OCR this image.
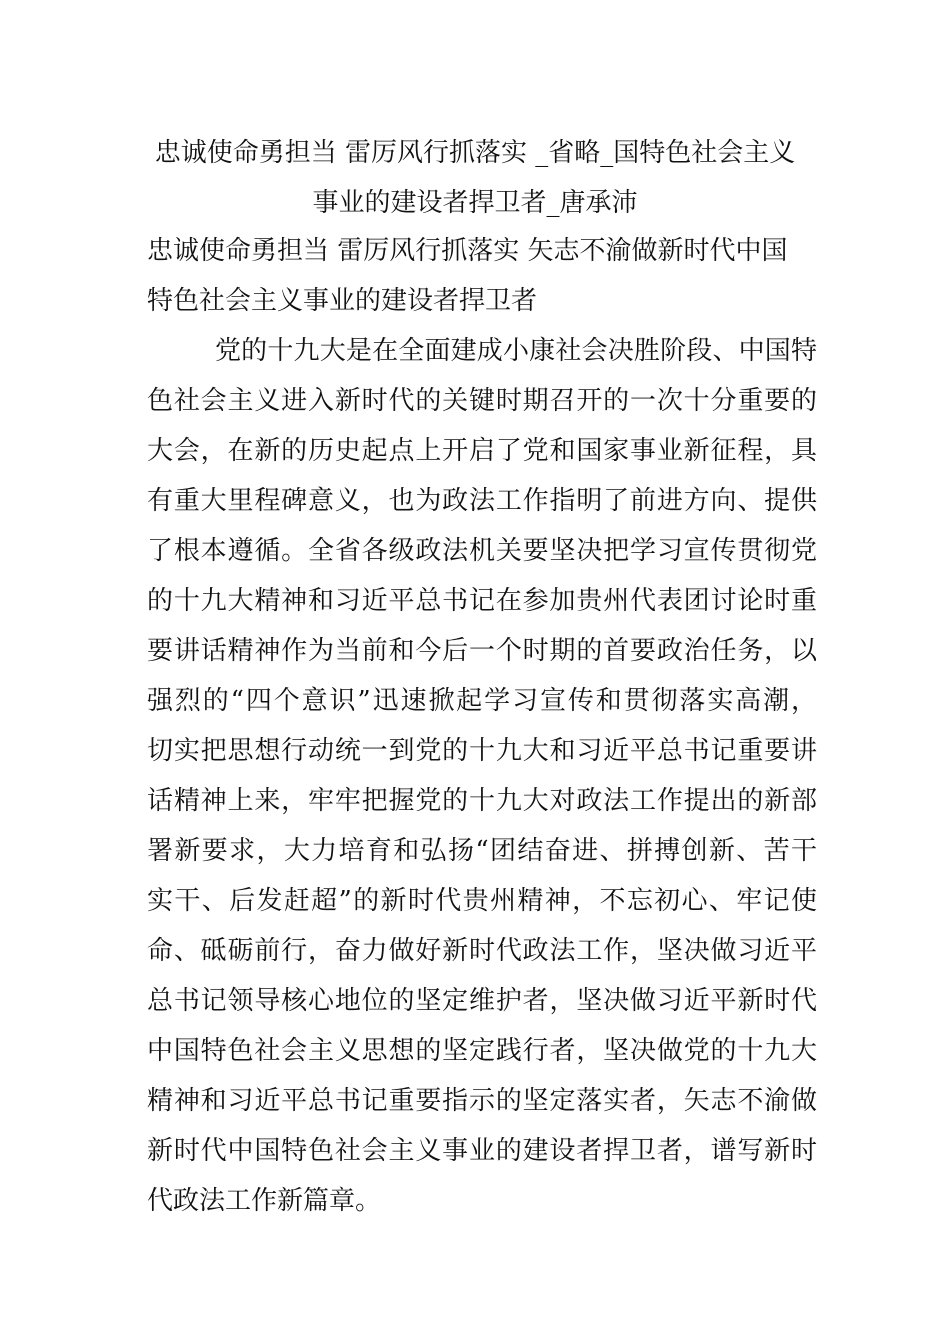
忠诚使命勇担当 雷厉风行抓落实 _省略_国特色社会主义
事业的建设者捍卫者_唐承沛
忠诚使命勇担当 雷厉风行抓落实 矢志不渝做新时代中国
特色社会主义事业的建设者捍卫者
党的十九大是在全面建成小康社会决胜阶段、中国特
色社会主义进入新时代的关键时期召开的一次十分重要的
大会，在新的历史起点上开启了党和国家事业新征程，具
有重大里程碑意义，也为政法工作指明了前进方向、提供
了根本遵循。全省各级政法机关要坚决把学习宣传贯彻党
的十九大精神和习近平总书记在参加贵州代表团讨论时重
要讲话精神作为当前和今后一个时期的首要政治任务，以
强烈的“四个意识”迅速掀起学习宣传和贯彻落实高潮，
切实把思想行动统一到党的十九大和习近平总书记重要讲
话精神上来，牢牢把握党的十九大对政法工作提出的新部
署新要求，大力培育和弘扬“团结奋进、拼搏创新、苦干
实干、后发赶超”的新时代贵州精神，不忘初心、牢记使
命、砥砺前行，奋力做好新时代政法工作，坚决做习近平
总书记领导核心地位的坚定维护者，坚决做习近平新时代
中国特色社会主义思想的坚定践行者，坚决做党的十九大
精神和习近平总书记重要指示的坚定落实者，矢志不渝做
新时代中国特色社会主义事业的建设者捍卫者，谱写新时
代政法工作新篇章。
